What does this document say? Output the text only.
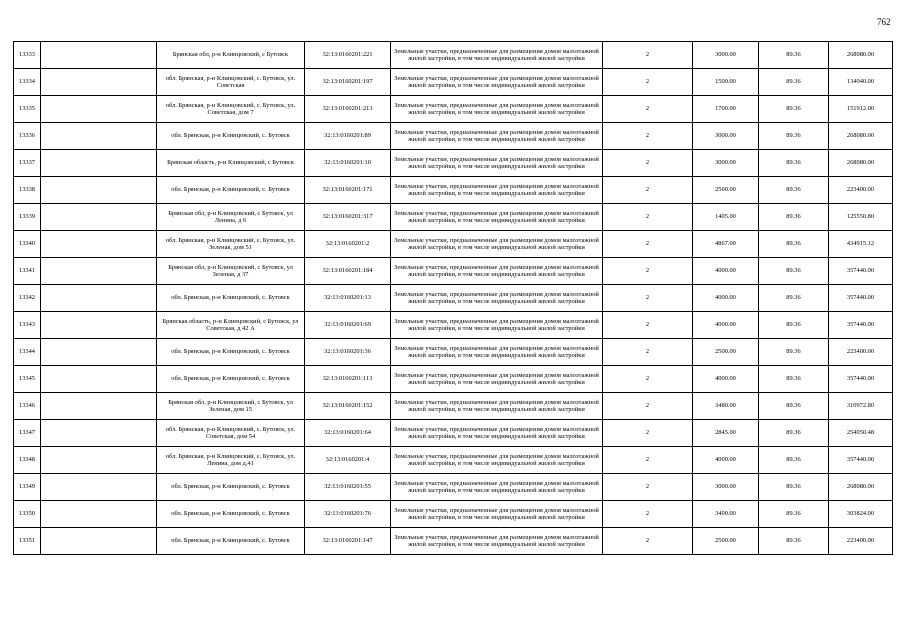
762
13333		Брянская обл, р-н Клинцовский, с Бутовск	32:13:0160201:221	Земельные участки, предназначенные для размещения домов малоэтажной жилой застройки, в том числе индивидуальной жилой застройки	2	3000.00	89.36	268080.00
13334		обл. Брянская, р-н Клинцовский, с. Бутовск, ул. Советская	32:13:0160201:197	Земельные участки, предназначенные для размещения домов малоэтажной жилой застройки, в том числе индивидуальной жилой застройки	2	1500.00	89.36	134040.00
13335		обл. Брянская, р-н Клинцовский, с. Бутовск, ул. Советская, дом 7	32:13:0160201:213	Земельные участки, предназначенные для размещения домов малоэтажной жилой застройки, в том числе индивидуальной жилой застройки	2	1700.00	89.36	151912.00
13336		обл. Брянская, р-н Клинцовский, с. Бутовск	32:13:0160201:89	Земельные участки, предназначенные для размещения домов малоэтажной жилой застройки, в том числе индивидуальной жилой застройки	2	3000.00	89.36	268080.00
13337		Брянская область, р-н Клинцовский, с Бутовск	32:13:0160201:10	Земельные участки, предназначенные для размещения домов малоэтажной жилой застройки, в том числе индивидуальной жилой застройки	2	3000.00	89.36	268080.00
13338		обл. Брянская, р-н Клинцовский, с. Бутовск	32:13:0160201:171	Земельные участки, предназначенные для размещения домов малоэтажной жилой застройки, в том числе индивидуальной жилой застройки	2	2500.00	89.36	223400.00
13339		Брянская обл, р-н Клинцовский, с Бутовск, ул Ленина, д 6	32:13:0160201:317	Земельные участки, предназначенные для размещения домов малоэтажной жилой застройки, в том числе индивидуальной жилой застройки	2	1405.00	89.36	125550.80
13340		обл. Брянская, р-н Клинцовский, с. Бутовск, ул. Зеленая, дом 51	32:13:0160201:2	Земельные участки, предназначенные для размещения домов малоэтажной жилой застройки, в том числе индивидуальной жилой застройки	2	4867.00	89.36	434915.12
13341		Брянская обл, р-н Клинцовский, с Бутовск, ул Зеленая, д 37	32:13:0160201:184	Земельные участки, предназначенные для размещения домов малоэтажной жилой застройки, в том числе индивидуальной жилой застройки	2	4000.00	89.36	357440.00
13342		обл. Брянская, р-н Клинцовский, с. Бутовск	32:13:0160201:13	Земельные участки, предназначенные для размещения домов малоэтажной жилой застройки, в том числе индивидуальной жилой застройки	2	4000.00	89.36	357440.00
13343		Брянская область, р-н Клинцовский, с Бутовск, ул Советская, д 42 А	32:13:0160201:69	Земельные участки, предназначенные для размещения домов малоэтажной жилой застройки, в том числе индивидуальной жилой застройки	2	4000.00	89.36	357440.00
13344		обл. Брянская, р-н Клинцовский, с. Бутовск	32:13:0160201:36	Земельные участки, предназначенные для размещения домов малоэтажной жилой застройки, в том числе индивидуальной жилой застройки	2	2500.00	89.36	223400.00
13345		обл. Брянская, р-н Клинцовский, с. Бутовск	32:13:0160201:113	Земельные участки, предназначенные для размещения домов малоэтажной жилой застройки, в том числе индивидуальной жилой застройки	2	4000.00	89.36	357440.00
13346		Брянская обл, р-н Клинцовский, с Бутовск, ул Зеленая, дом 15	32:13:0160201:152	Земельные участки, предназначенные для размещения домов малоэтажной жилой застройки, в том числе индивидуальной жилой застройки	2	3480.00	89.36	310972.80
13347		обл. Брянская, р-н Клинцовский, с. Бутовск, ул. Советская, дом 54	32:13:0160201:64	Земельные участки, предназначенные для размещения домов малоэтажной жилой застройки, в том числе индивидуальной жилой застройки	2	2845.00	89.36	254050.48
13348		обл. Брянская, р-н Клинцовский, с. Бутовск, ул. Ленина, дом д.41	32:13:0160201:4	Земельные участки, предназначенные для размещения домов малоэтажной жилой застройки, в том числе индивидуальной жилой застройки	2	4000.00	89.36	357440.00
13349		обл. Брянская, р-н Клинцовский, с. Бутовск	32:13:0160201:55	Земельные участки, предназначенные для размещения домов малоэтажной жилой застройки, в том числе индивидуальной жилой застройки	2	3000.00	89.36	268080.00
13350		обл. Брянская, р-н Клинцовский, с. Бутовск	32:13:0160201:76	Земельные участки, предназначенные для размещения домов малоэтажной жилой застройки, в том числе индивидуальной жилой застройки	2	3400.00	89.36	303824.00
13351		обл. Брянская, р-н Клинцовский, с. Бутовск	32:13:0160201:147	Земельные участки, предназначенные для размещения домов малоэтажной жилой застройки, в том числе индивидуальной жилой застройки	2	2500.00	89.36	223400.00
